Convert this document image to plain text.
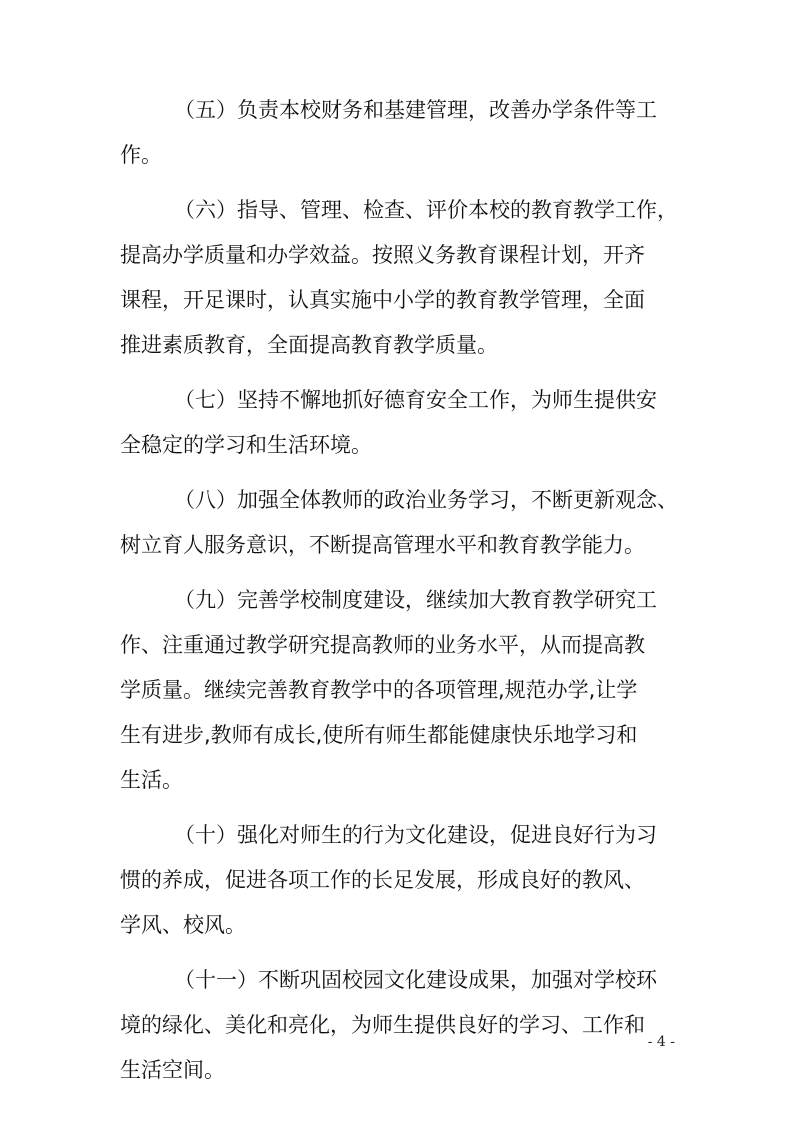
（五）负责本校财务和基建管理，改善办学条件等工
作。
（六）指导、管理、检查、评价本校的教育教学工作，
提高办学质量和办学效益。按照义务教育课程计划，开齐
课程，开足课时，认真实施中小学的教育教学管理，全面
推进素质教育，全面提高教育教学质量。
（七）坚持不懈地抓好德育安全工作，为师生提供安
全稳定的学习和生活环境。
（八）加强全体教师的政治业务学习，不断更新观念、
树立育人服务意识，不断提高管理水平和教育教学能力。
（九）完善学校制度建设，继续加大教育教学研究工
作、注重通过教学研究提高教师的业务水平，从而提高教
学质量。继续完善教育教学中的各项管理,规范办学,让学
生有进步,教师有成长,使所有师生都能健康快乐地学习和
生活。
（十）强化对师生的行为文化建设，促进良好行为习
惯的养成，促进各项工作的长足发展，形成良好的教风、
学风、校风。
（十一）不断巩固校园文化建设成果，加强对学校环
境的绿化、美化和亮化，为师生提供良好的学习、工作和
生活空间。
- 4 -
